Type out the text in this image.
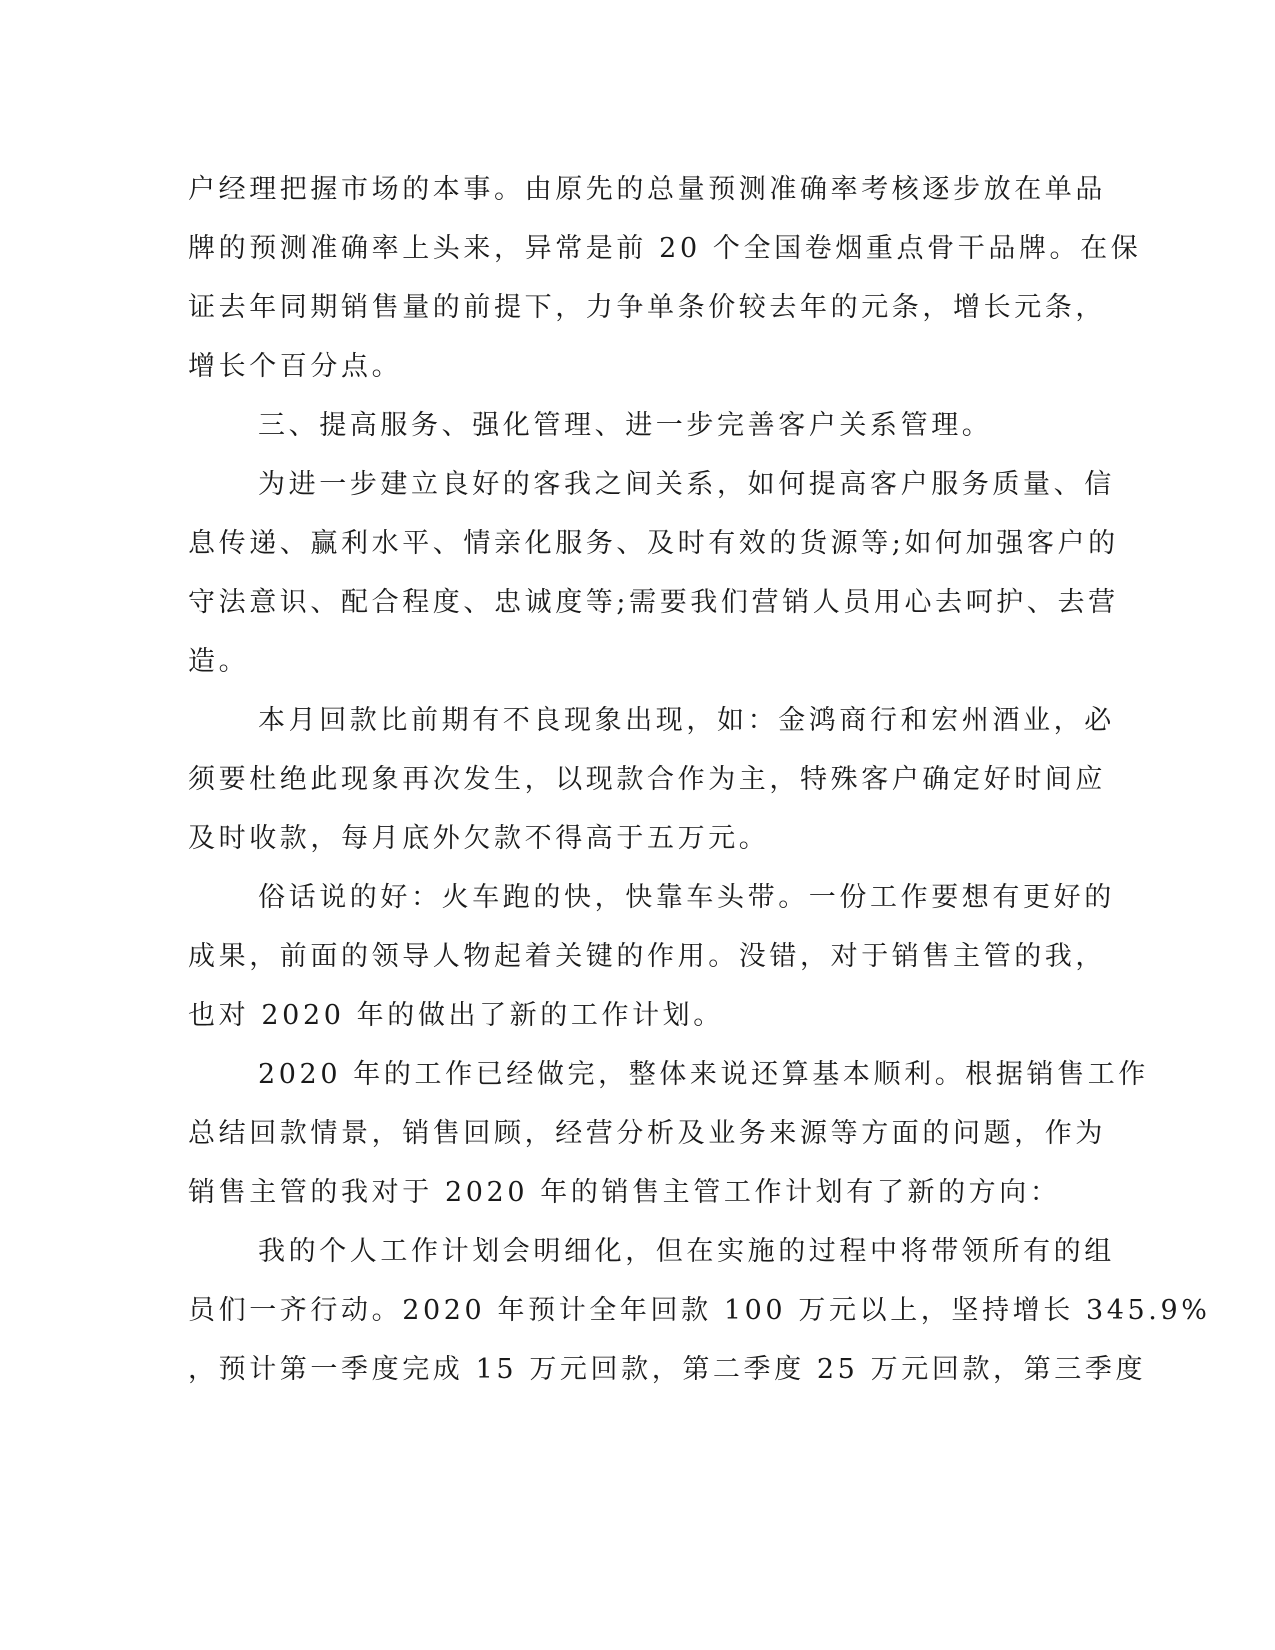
户经理把握市场的本事。由原先的总量预测准确率考核逐步放在单品
牌的预测准确率上头来，异常是前 20 个全国卷烟重点骨干品牌。在保
证去年同期销售量的前提下，力争单条价较去年的元条，增长元条，
增长个百分点。
三、提高服务、强化管理、进一步完善客户关系管理。
为进一步建立良好的客我之间关系，如何提高客户服务质量、信
息传递、赢利水平、情亲化服务、及时有效的货源等;如何加强客户的
守法意识、配合程度、忠诚度等;需要我们营销人员用心去呵护、去营
造。
本月回款比前期有不良现象出现，如：金鸿商行和宏州酒业，必
须要杜绝此现象再次发生，以现款合作为主，特殊客户确定好时间应
及时收款，每月底外欠款不得高于五万元。
俗话说的好：火车跑的快，快靠车头带。一份工作要想有更好的
成果，前面的领导人物起着关键的作用。没错，对于销售主管的我，
也对 2020 年的做出了新的工作计划。
2020 年的工作已经做完，整体来说还算基本顺利。根据销售工作
总结回款情景，销售回顾，经营分析及业务来源等方面的问题，作为
销售主管的我对于 2020 年的销售主管工作计划有了新的方向：
我的个人工作计划会明细化，但在实施的过程中将带领所有的组
员们一齐行动。2020 年预计全年回款 100 万元以上，坚持增长 345.9%
，预计第一季度完成 15 万元回款，第二季度 25 万元回款，第三季度
